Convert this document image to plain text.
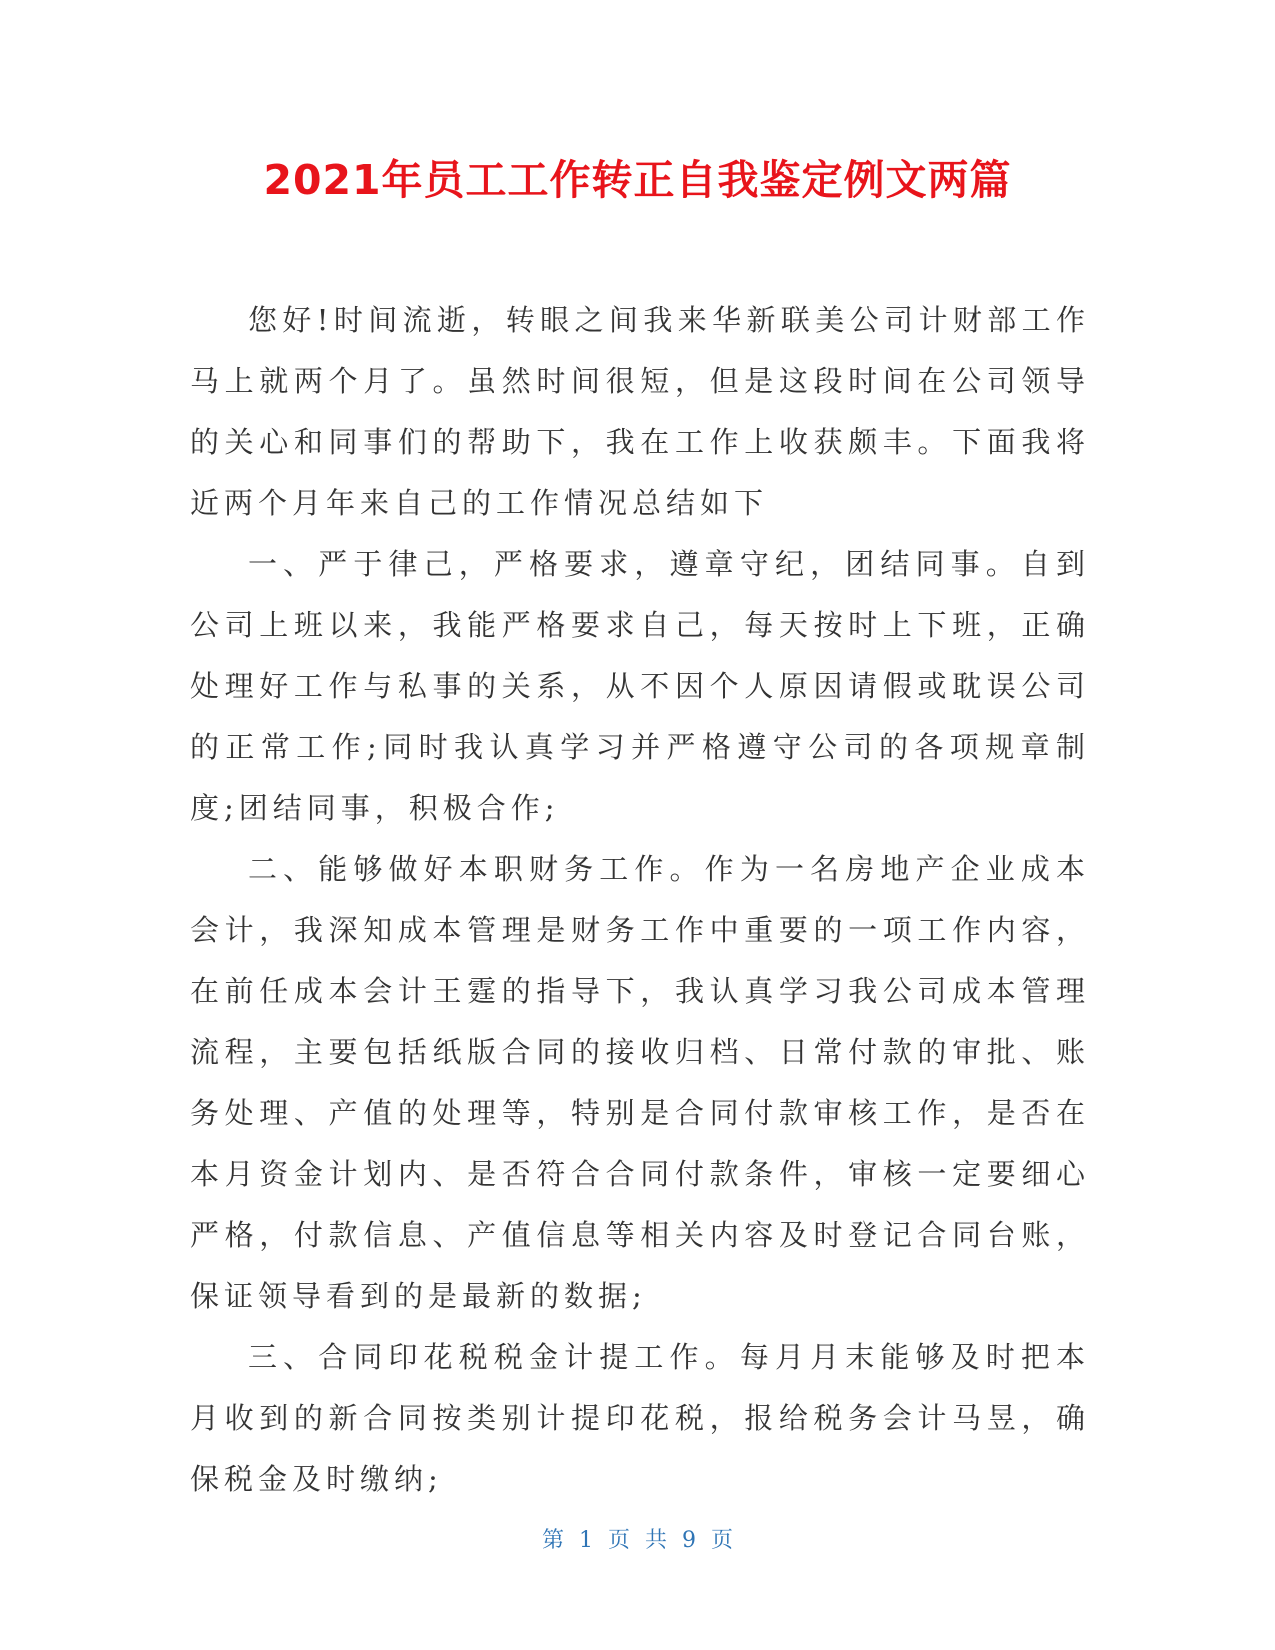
2021年员工工作转正自我鉴定例文两篇

您好!时间流逝，转眼之间我来华新联美公司计财部工作马上就两个月了。虽然时间很短，但是这段时间在公司领导的关心和同事们的帮助下，我在工作上收获颇丰。下面我将近两个月年来自己的工作情况总结如下

一、严于律己，严格要求，遵章守纪，团结同事。自到公司上班以来，我能严格要求自己，每天按时上下班，正确处理好工作与私事的关系，从不因个人原因请假或耽误公司的正常工作;同时我认真学习并严格遵守公司的各项规章制度;团结同事，积极合作;

二、能够做好本职财务工作。作为一名房地产企业成本会计，我深知成本管理是财务工作中重要的一项工作内容，在前任成本会计王霆的指导下，我认真学习我公司成本管理流程，主要包括纸版合同的接收归档、日常付款的审批、账务处理、产值的处理等，特别是合同付款审核工作，是否在本月资金计划内、是否符合合同付款条件，审核一定要细心严格，付款信息、产值信息等相关内容及时登记合同台账，保证领导看到的是最新的数据;

三、合同印花税税金计提工作。每月月末能够及时把本月收到的新合同按类别计提印花税，报给税务会计马昱，确保税金及时缴纳;

第 1 页 共 9 页
